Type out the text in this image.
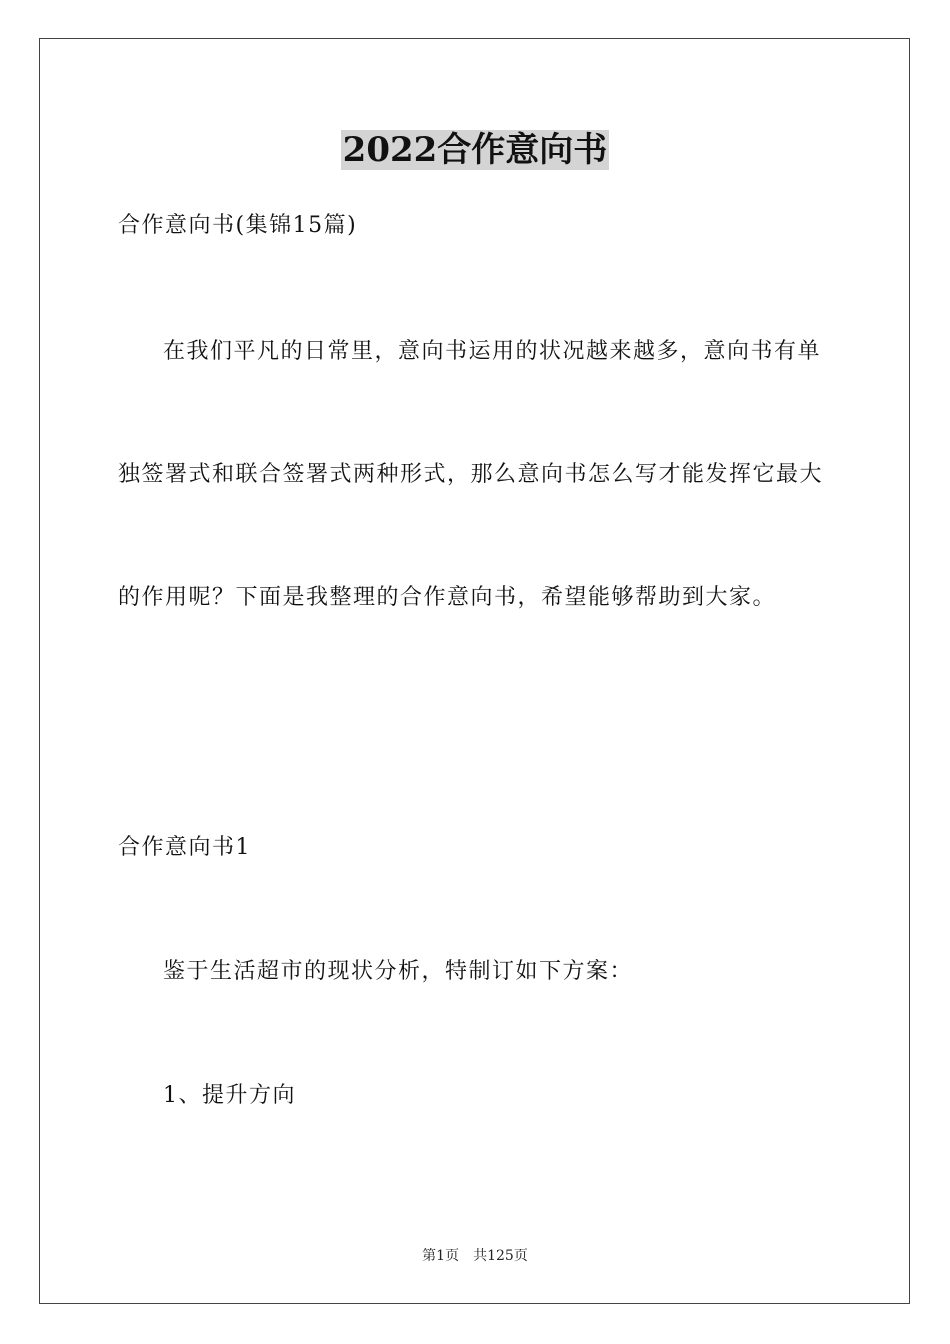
2022合作意向书
合作意向书(集锦15篇)
在我们平凡的日常里，意向书运用的状况越来越多，意向书有单
独签署式和联合签署式两种形式，那么意向书怎么写才能发挥它最大
的作用呢？下面是我整理的合作意向书，希望能够帮助到大家。
合作意向书1
鉴于生活超市的现状分析，特制订如下方案：
1、提升方向
第1页 共125页
